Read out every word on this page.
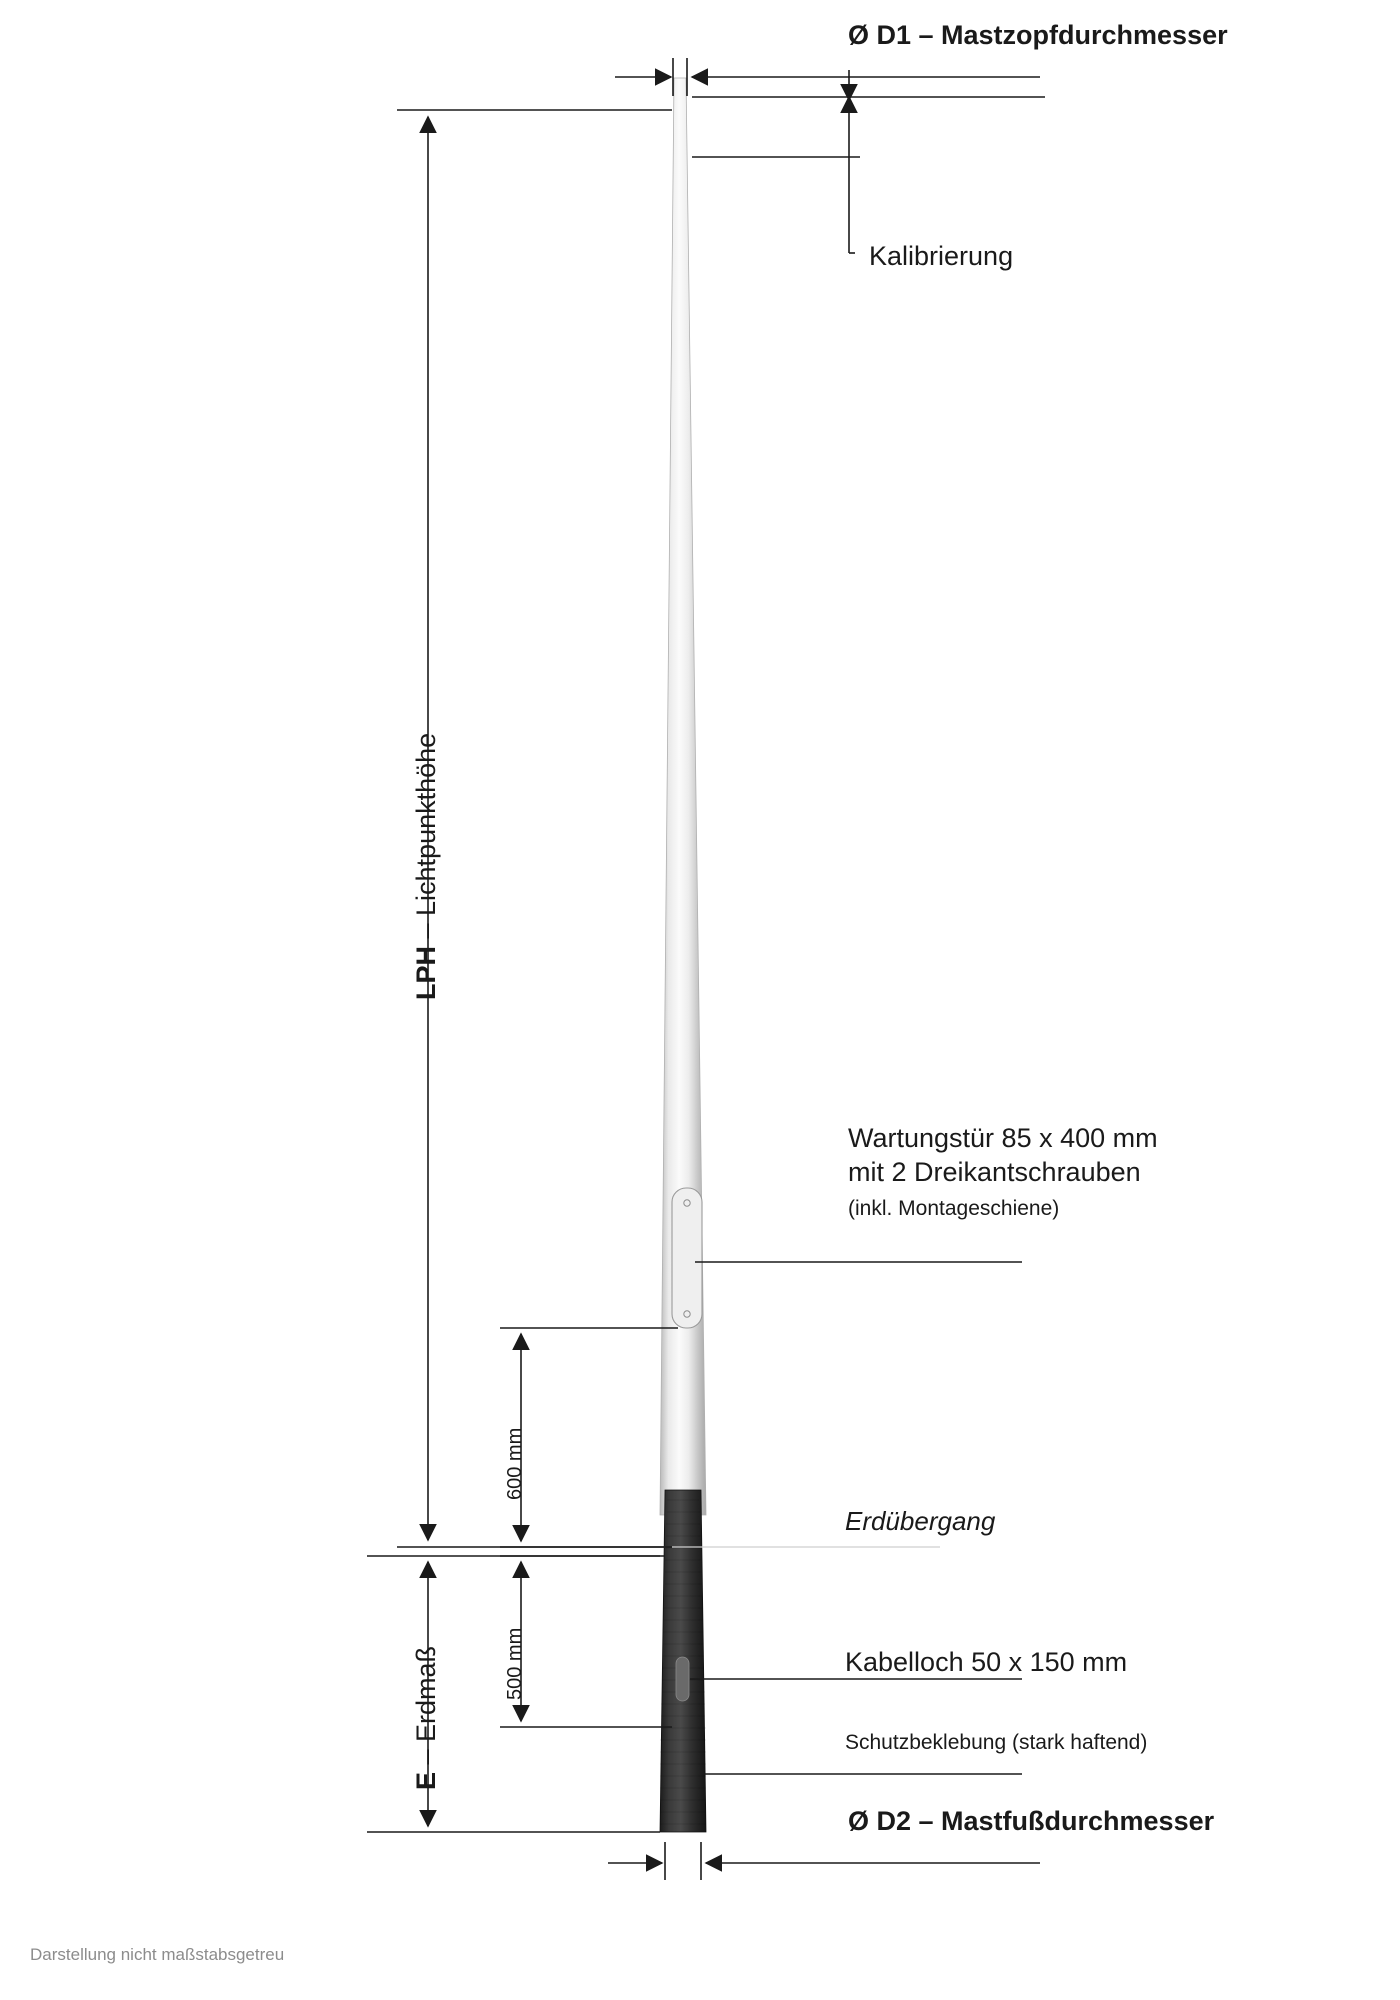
Ø D1 – Mastzopfdurchmesser
Kalibrierung
LPH – Lichtpunkthöhe
E – Erdmaß
600 mm
500 mm
Wartungstür 85 x 400 mm
mit 2 Dreikantschrauben
(inkl. Montageschiene)
Erdübergang
Kabelloch 50 x 150 mm
Schutzbeklebung (stark haftend)
Ø D2 – Mastfußdurchmesser
Darstellung nicht maßstabsgetreu
